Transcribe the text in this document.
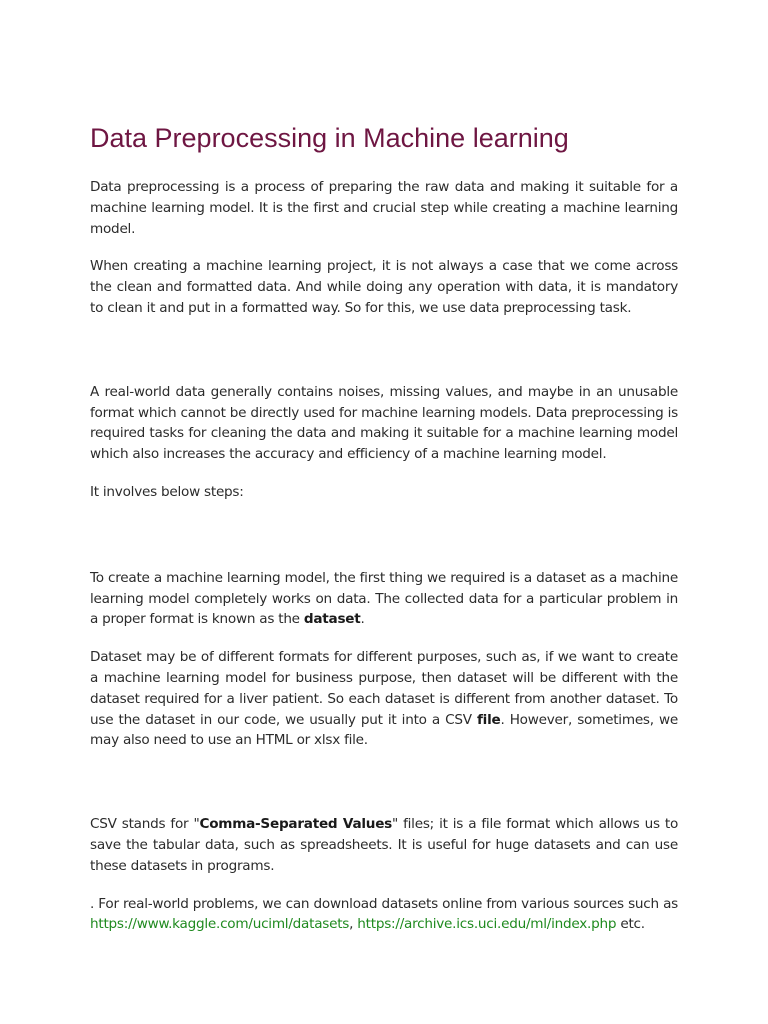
Data Preprocessing in Machine learning

Data preprocessing is a process of preparing the raw data and making it suitable for a machine learning model. It is the first and crucial step while creating a machine learning model.

When creating a machine learning project, it is not always a case that we come across the clean and formatted data. And while doing any operation with data, it is mandatory to clean it and put in a formatted way. So for this, we use data preprocessing task.

A real-world data generally contains noises, missing values, and maybe in an unusable format which cannot be directly used for machine learning models. Data preprocessing is required tasks for cleaning the data and making it suitable for a machine learning model which also increases the accuracy and efficiency of a machine learning model.

It involves below steps:

To create a machine learning model, the first thing we required is a dataset as a machine learning model completely works on data. The collected data for a particular problem in a proper format is known as the dataset.

Dataset may be of different formats for different purposes, such as, if we want to create a machine learning model for business purpose, then dataset will be different with the dataset required for a liver patient. So each dataset is different from another dataset. To use the dataset in our code, we usually put it into a CSV file. However, sometimes, we may also need to use an HTML or xlsx file.

CSV stands for "Comma-Separated Values" files; it is a file format which allows us to save the tabular data, such as spreadsheets. It is useful for huge datasets and can use these datasets in programs.

. For real-world problems, we can download datasets online from various sources such as https://www.kaggle.com/uciml/datasets, https://archive.ics.uci.edu/ml/index.php etc.
